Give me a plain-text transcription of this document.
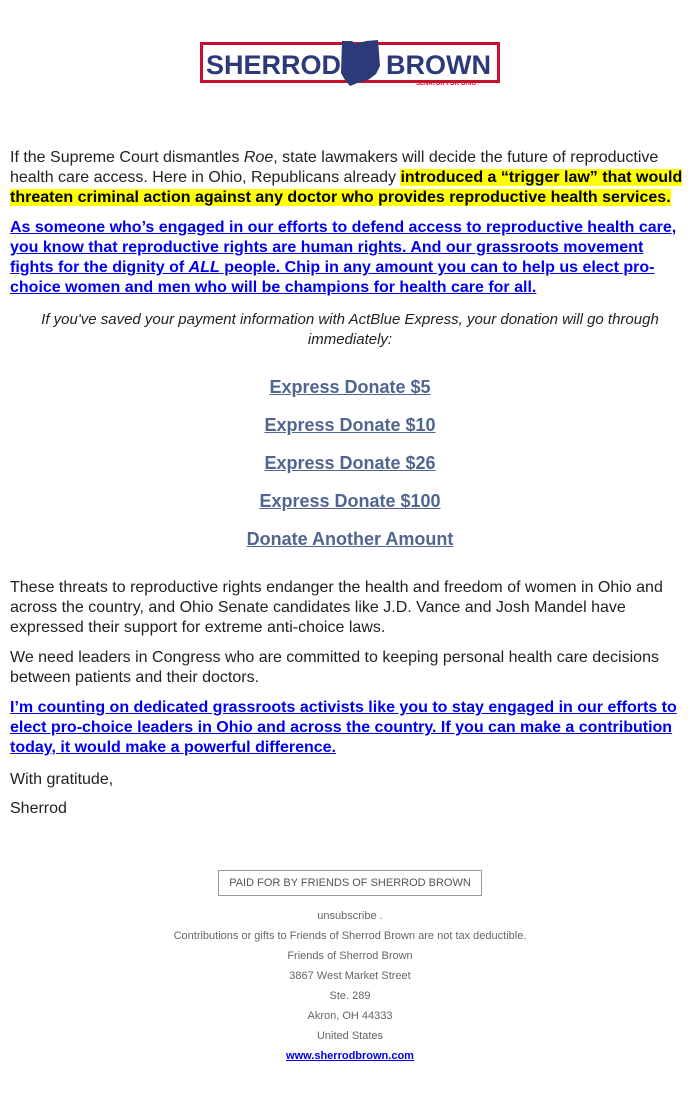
SHERROD BROWN
SENATOR FOR OHIO

If the Supreme Court dismantles Roe, state lawmakers will decide the future of reproductive health care access. Here in Ohio, Republicans already introduced a “trigger law” that would threaten criminal action against any doctor who provides reproductive health services.

As someone who’s engaged in our efforts to defend access to reproductive health care, you know that reproductive rights are human rights. And our grassroots movement fights for the dignity of ALL people. Chip in any amount you can to help us elect pro-choice women and men who will be champions for health care for all.

If you've saved your payment information with ActBlue Express, your donation will go through immediately:

Express Donate $5
Express Donate $10
Express Donate $26
Express Donate $100
Donate Another Amount

These threats to reproductive rights endanger the health and freedom of women in Ohio and across the country, and Ohio Senate candidates like J.D. Vance and Josh Mandel have expressed their support for extreme anti-choice laws.

We need leaders in Congress who are committed to keeping personal health care decisions between patients and their doctors.

I’m counting on dedicated grassroots activists like you to stay engaged in our efforts to elect pro-choice leaders in Ohio and across the country. If you can make a contribution today, it would make a powerful difference.

With gratitude,

Sherrod

PAID FOR BY FRIENDS OF SHERROD BROWN
unsubscribe .
Contributions or gifts to Friends of Sherrod Brown are not tax deductible.
Friends of Sherrod Brown
3867 West Market Street
Ste. 289
Akron, OH 44333
United States
www.sherrodbrown.com
